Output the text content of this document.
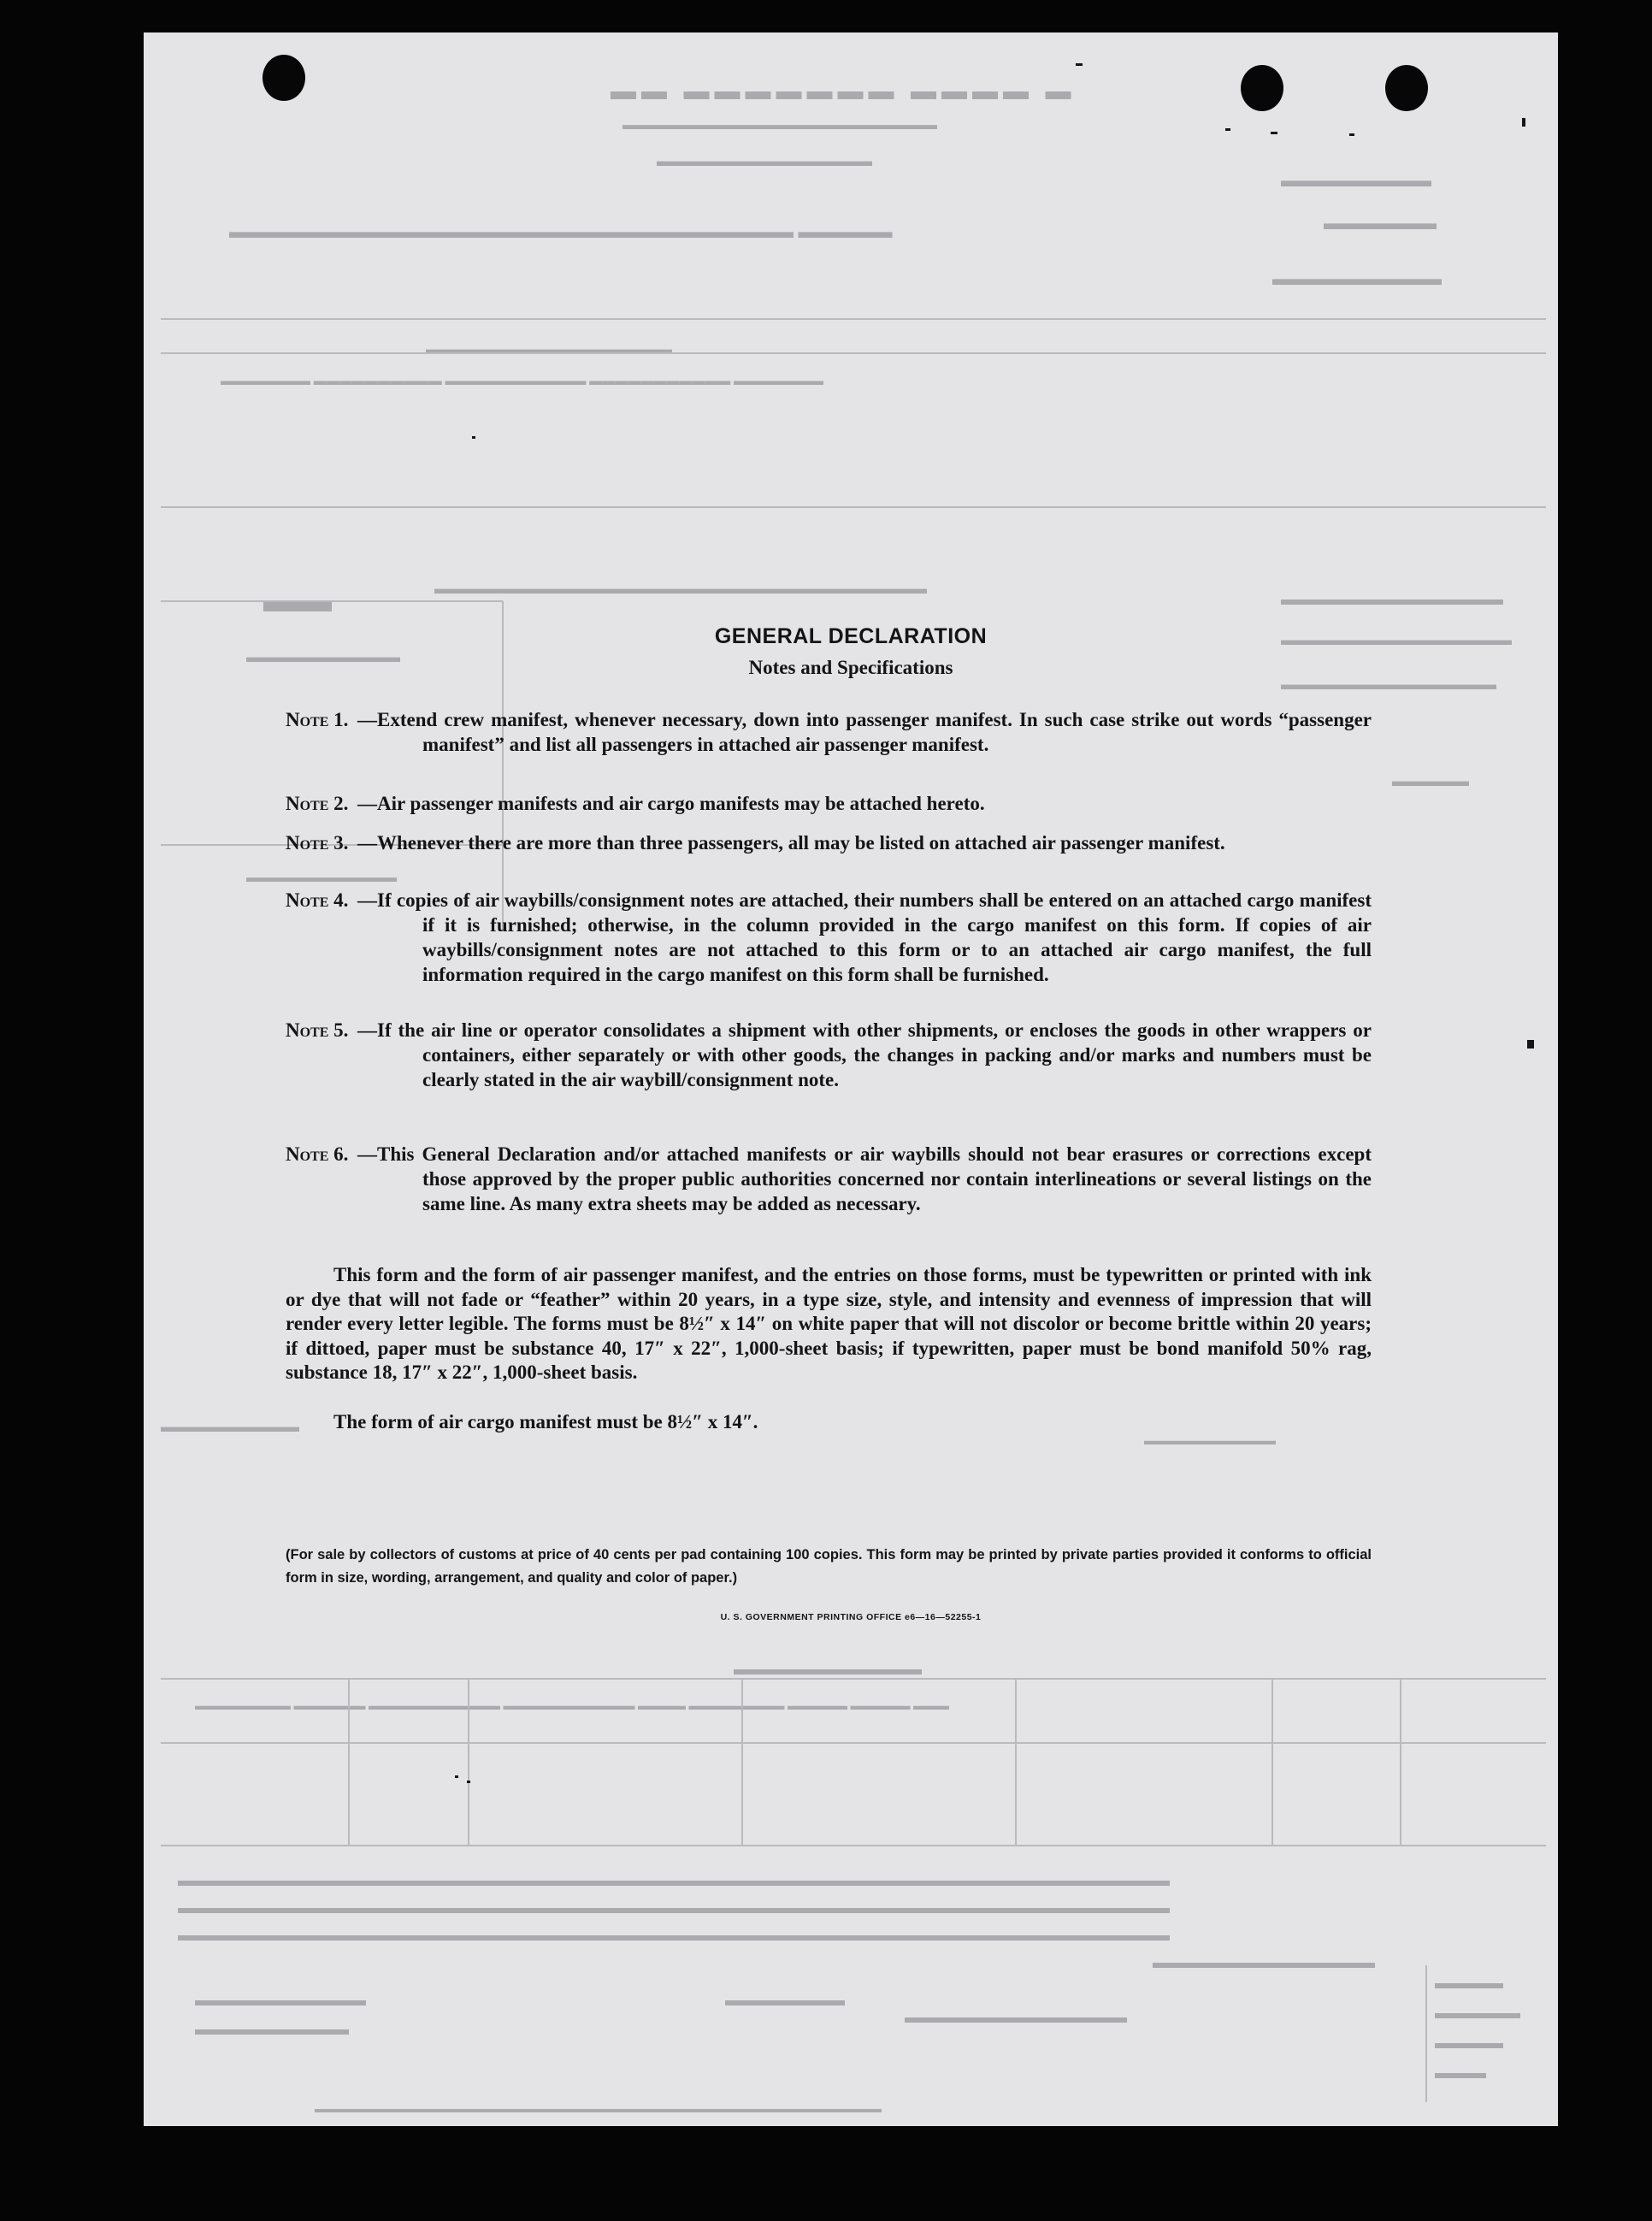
▬ ▬▬▬▬ ▬▬▬▬▬▬▬ ▬▬
▬▬▬▬▬▬▬▬▬▬▬▬▬▬▬▬▬▬▬▬▬▬▬
▬▬▬▬▬▬▬▬▬▬▬▬▬▬
▬▬▬▬▬▬▬▬
▬▬▬▬▬▬
▬▬▬▬▬▬▬▬▬
▬▬▬▬▬ ▬▬▬▬▬▬▬▬▬▬▬▬▬▬▬▬▬▬▬▬▬▬▬▬▬▬▬▬▬▬
▬▬▬▬▬▬▬▬▬▬▬▬▬▬▬▬
▬▬▬▬▬▬▬ ▬▬▬▬▬▬▬▬▬▬▬ ▬▬▬▬▬▬▬▬▬▬▬ ▬▬▬▬▬▬▬▬▬▬ ▬▬▬▬▬▬▬
▬▬	▬▬▬▬▬▬▬▬▬▬▬▬▬▬▬▬▬▬▬▬▬▬▬▬▬▬▬▬▬▬▬▬
▬▬▬▬▬▬▬▬▬▬▬▬▬
▬▬▬▬▬▬▬▬▬▬▬▬▬▬▬
▬▬▬▬▬▬▬▬▬▬▬▬▬▬
▬▬▬▬▬▬▬▬▬▬
▬▬▬▬▬▬▬▬▬▬▬
▬▬▬▬▬
▬▬▬▬▬▬▬▬▬
▬▬▬▬▬▬▬▬▬▬▬
▬▬▬▬▬▬▬▬▬▬▬
▬▬▬ ▬▬▬▬▬ ▬▬▬▬▬ ▬▬▬▬▬▬▬▬ ▬▬▬▬ ▬▬▬▬▬▬▬▬▬▬▬ ▬▬▬▬▬▬▬▬▬▬▬ ▬▬▬▬▬▬ ▬▬▬▬▬▬▬▬
▬▬▬▬▬▬▬▬▬▬▬▬▬▬▬▬▬▬▬▬▬▬▬▬▬▬▬▬▬▬▬▬▬▬▬▬▬▬▬▬▬▬▬▬▬▬▬▬▬▬▬▬▬▬▬▬▬▬
▬▬▬▬▬▬▬▬▬▬▬▬▬▬▬▬▬▬▬▬▬▬▬▬▬▬▬▬▬▬▬▬▬▬▬▬▬▬▬▬▬▬▬▬▬▬▬▬▬▬▬▬▬▬▬▬▬▬
▬▬▬▬▬▬▬▬▬▬▬▬▬▬▬▬▬▬▬▬▬▬▬▬▬▬▬▬▬▬▬▬▬▬▬▬▬▬▬▬▬▬▬▬▬▬▬▬▬▬▬▬▬▬▬▬▬▬
▬▬▬▬▬▬▬▬▬▬▬▬▬
▬▬▬▬
▬▬▬▬▬
▬▬▬▬
▬▬▬
▬▬▬▬▬▬▬▬▬▬
▬▬▬▬▬▬▬▬▬
▬▬▬▬▬▬▬
▬▬▬▬▬▬▬▬▬▬▬▬▬
▬▬▬▬▬▬▬▬▬▬▬▬▬▬▬▬▬▬▬▬▬▬▬▬▬▬▬▬▬▬▬▬▬▬▬▬▬▬▬▬▬▬▬▬▬▬▬▬▬▬▬
GENERAL DECLARATION
Notes and Specifications
Note 1. —Extend crew manifest, whenever necessary, down into passenger manifest. In such case strike out words “passenger manifest” and list all passengers in attached air passenger manifest.
Note 2. —Air passenger manifests and air cargo manifests may be attached hereto.
Note 3. —Whenever there are more than three passengers, all may be listed on attached air passenger manifest.
Note 4. —If copies of air waybills/consignment notes are attached, their numbers shall be entered on an attached cargo manifest if it is furnished; otherwise, in the column provided in the cargo manifest on this form. If copies of air waybills/consignment notes are not attached to this form or to an attached air cargo manifest, the full information required in the cargo manifest on this form shall be furnished.
Note 5. —If the air line or operator consolidates a shipment with other shipments, or encloses the goods in other wrappers or containers, either separately or with other goods, the changes in packing and/or marks and numbers must be clearly stated in the air waybill/consignment note.
Note 6. —This General Declaration and/or attached manifests or air waybills should not bear erasures or corrections except those approved by the proper public authorities concerned nor contain interlineations or several listings on the same line. As many extra sheets may be added as necessary.
This form and the form of air passenger manifest, and the entries on those forms, must be typewritten or printed with ink or dye that will not fade or “feather” within 20 years, in a type size, style, and intensity and evenness of impression that will render every letter legible. The forms must be 8½″ x 14″ on white paper that will not discolor or become brittle within 20 years; if dittoed, paper must be substance 40, 17″ x 22″, 1,000-sheet basis; if typewritten, paper must be bond manifold 50% rag, substance 18, 17″ x 22″, 1,000-sheet basis.
The form of air cargo manifest must be 8½″ x 14″.
(For sale by collectors of customs at price of 40 cents per pad containing 100 copies. This form may be printed by private parties provided it conforms to official form in size, wording, arrangement, and quality and color of paper.)
U. S. GOVERNMENT PRINTING OFFICE e6—16—52255-1
